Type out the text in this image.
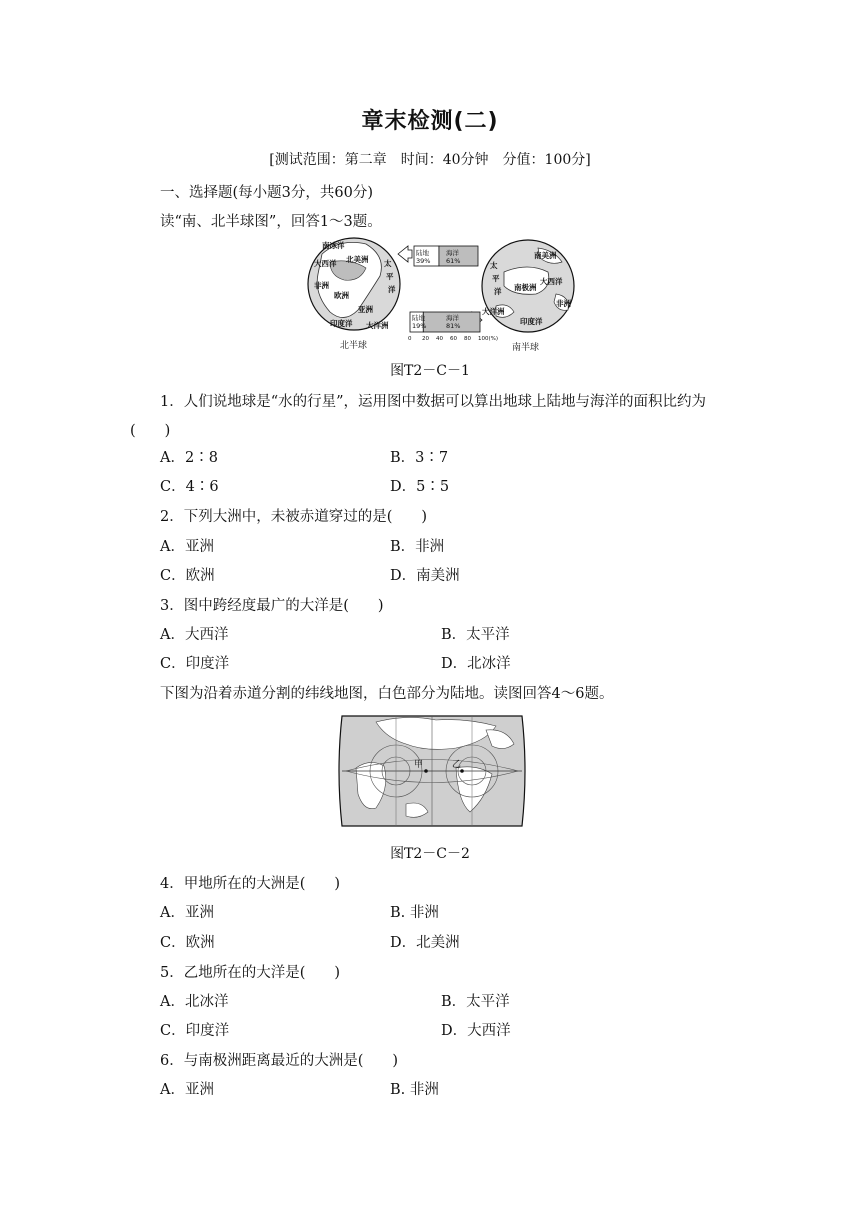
章末检测(二)
[测试范围：第二章　时间：40分钟　分值：100分]
一、选择题(每小题3分，共60分)
读“南、北半球图”，回答1～3题。
南冰洋
大西洋 北美洲 太
平
洋
非洲
欧洲
亚洲
印度洋 大洋洲
北半球
太
平
洋
南美洲
大西洋
南极洲
非洲
大洋洲
印度洋
南半球
陆地
39%
海洋
61%
陆地
19%
海洋
81%
0 20 40 60 80 100(%)
图T2－C－1
1．人们说地球是“水的行星”，运用图中数据可以算出地球上陆地与海洋的面积比约为
(　　)
A．2∶8	B．3∶7
C．4∶6	D．5∶5
2．下列大洲中，未被赤道穿过的是(　　)
A．亚洲	B．非洲
C．欧洲	D．南美洲
3．图中跨经度最广的大洋是(　　)
A．大西洋	B．太平洋
C．印度洋	D．北冰洋
下图为沿着赤道分割的纬线地图，白色部分为陆地。读图回答4～6题。
甲	乙
图T2－C－2
4．甲地所在的大洲是(　　)
A．亚洲	B. 非洲
C．欧洲	D．北美洲
5．乙地所在的大洋是(　　)
A．北冰洋	B．太平洋
C．印度洋	D．大西洋
6．与南极洲距离最近的大洲是(　　)
A．亚洲	B. 非洲
